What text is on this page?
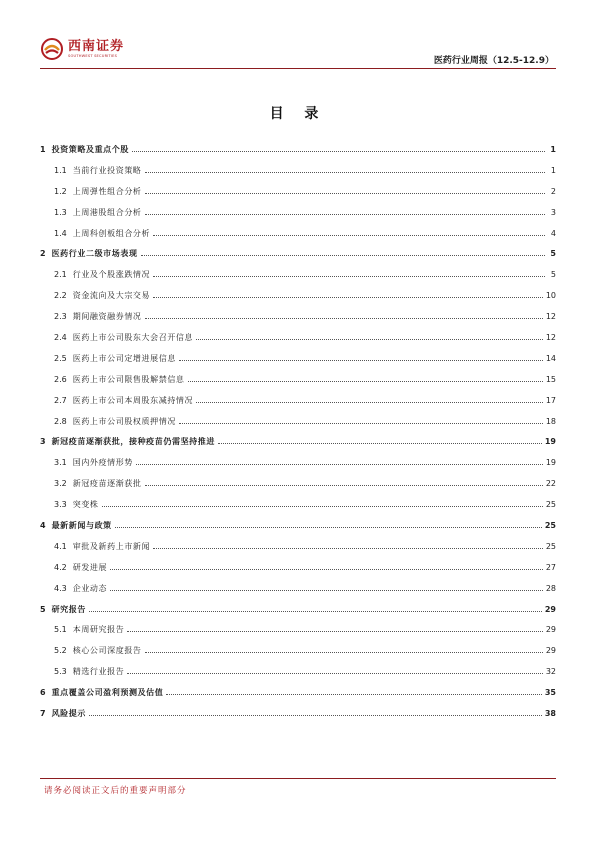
西南证券
SOUTHWEST SECURITIES
医药行业周报（12.5-12.9）
目 录
1 投资策略及重点个股	1
1.1 当前行业投资策略	1
1.2 上周弹性组合分析	2
1.3 上周港股组合分析	3
1.4 上周科创板组合分析	4
2 医药行业二级市场表现	5
2.1 行业及个股涨跌情况	5
2.2 资金流向及大宗交易	10
2.3 期间融资融券情况	12
2.4 医药上市公司股东大会召开信息	12
2.5 医药上市公司定增进展信息	14
2.6 医药上市公司限售股解禁信息	15
2.7 医药上市公司本周股东减持情况	17
2.8 医药上市公司股权质押情况	18
3 新冠疫苗逐渐获批，接种疫苗仍需坚持推进	19
3.1 国内外疫情形势	19
3.2 新冠疫苗逐渐获批	22
3.3 突变株	25
4 最新新闻与政策	25
4.1 审批及新药上市新闻	25
4.2 研发进展	27
4.3 企业动态	28
5 研究报告	29
5.1 本周研究报告	29
5.2 核心公司深度报告	29
5.3 精选行业报告	32
6 重点覆盖公司盈利预测及估值	35
7 风险提示	38
请务必阅读正文后的重要声明部分
